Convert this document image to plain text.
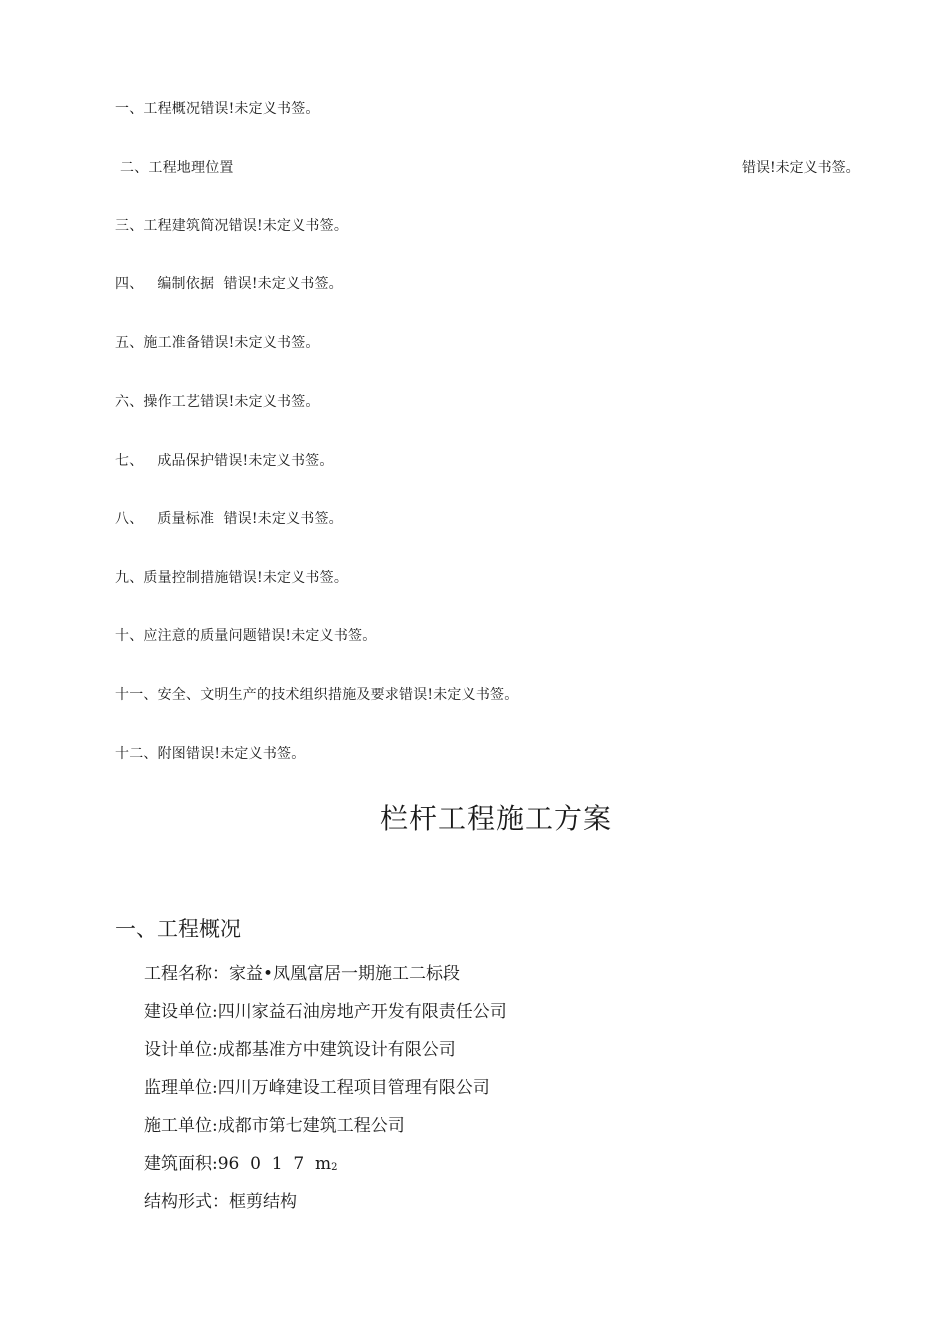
一、工程概况错误!未定义书签。
二、工程地理位置	错误!未定义书签。
三、工程建筑简况错误!未定义书签。
四、   编制依据  错误!未定义书签。
五、施工准备错误!未定义书签。
六、操作工艺错误!未定义书签。
七、   成品保护错误!未定义书签。
八、   质量标准  错误!未定义书签。
九、质量控制措施错误!未定义书签。
十、应注意的质量问题错误!未定义书签。
十一、安全、文明生产的技术组织措施及要求错误!未定义书签。
十二、附图错误!未定义书签。
栏杆工程施工方案
一、工程概况
工程名称：家益•凤凰富居一期施工二标段
建设单位:四川家益石油房地产开发有限责任公司
设计单位:成都基准方中建筑设计有限公司
监理单位:四川万峰建设工程项目管理有限公司
施工单位:成都市第七建筑工程公司
建筑面积:96  0  1  7  m2
结构形式：框剪结构
